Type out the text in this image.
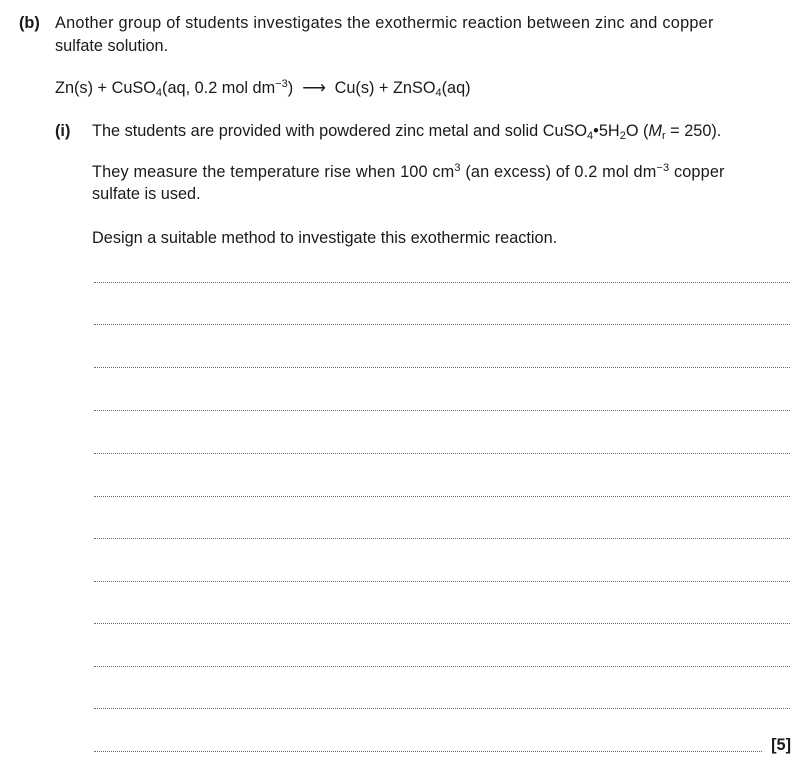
(b) Another group of students investigates the exothermic reaction between zinc and copper
sulfate solution.
Zn(s) + CuSO$_4$(aq, 0.2 mol $dm^{-3}$) ⟶ Cu(s) + ZnSO$_4$(aq)
(i) The students are provided with powdered zinc metal and solid $CuSO_4•5H_2O$ $(M_r = 250)$.
They measure the temperature rise when 100 $cm^3$ (an excess) of 0.2 mol $dm^{-3}$ copper
sulfate is used.
Design a suitable method to investigate this exothermic reaction.
[5]
